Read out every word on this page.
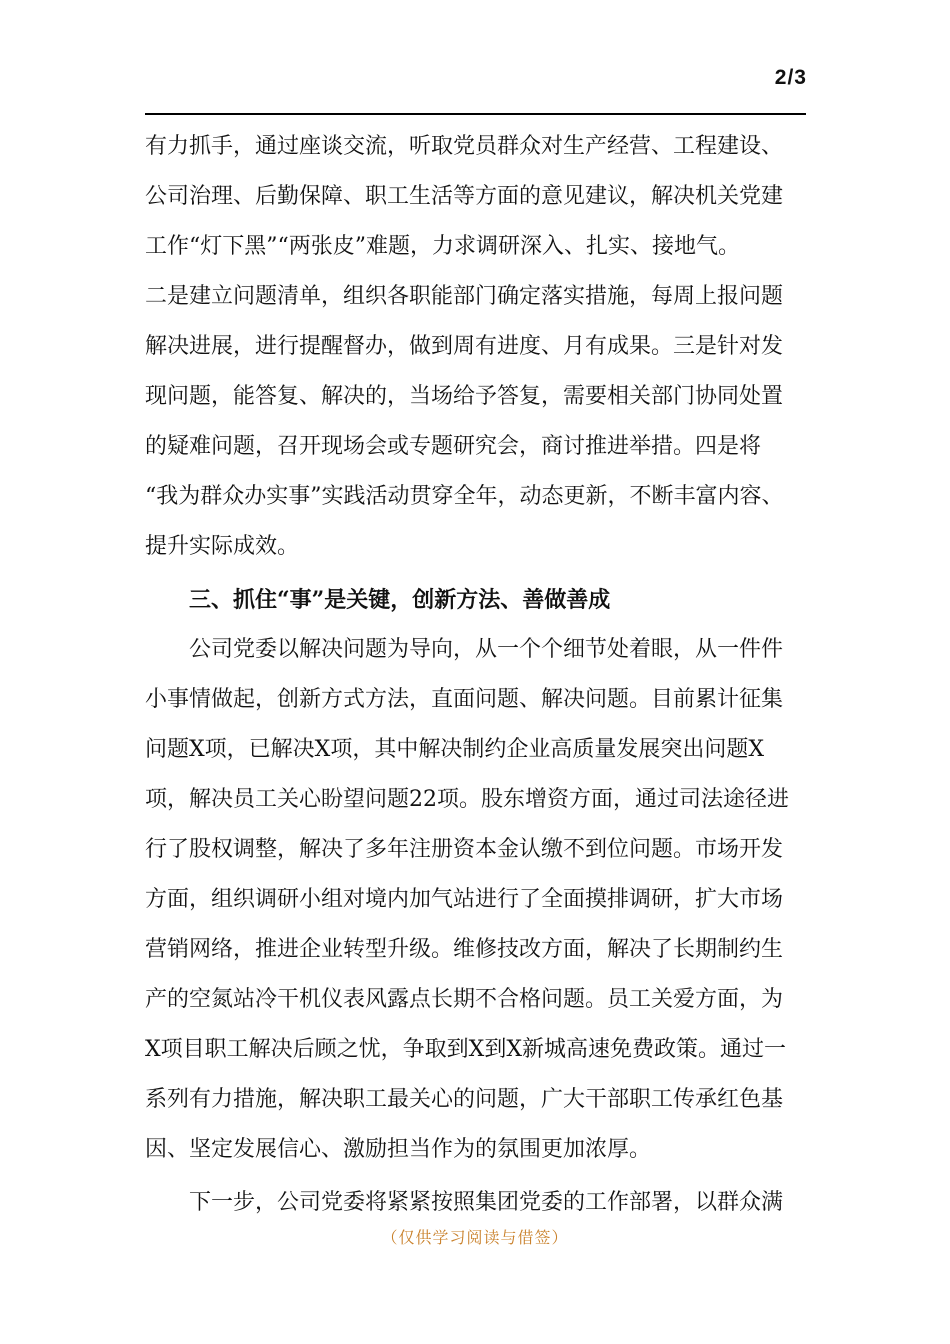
2/3
有力抓手，通过座谈交流，听取党员群众对生产经营、工程建设、
公司治理、后勤保障、职工生活等方面的意见建议，解决机关党建
工作“灯下黑”“两张皮”难题，力求调研深入、扎实、接地气。
二是建立问题清单，组织各职能部门确定落实措施，每周上报问题
解决进展，进行提醒督办，做到周有进度、月有成果。三是针对发
现问题，能答复、解决的，当场给予答复，需要相关部门协同处置
的疑难问题，召开现场会或专题研究会，商讨推进举措。四是将
“我为群众办实事”实践活动贯穿全年，动态更新，不断丰富内容、
提升实际成效。
三、抓住“事”是关键，创新方法、善做善成
公司党委以解决问题为导向，从一个个细节处着眼，从一件件
小事情做起，创新方式方法，直面问题、解决问题。目前累计征集
问题X项，已解决X项，其中解决制约企业高质量发展突出问题X
项，解决员工关心盼望问题22项。股东增资方面，通过司法途径进
行了股权调整，解决了多年注册资本金认缴不到位问题。市场开发
方面，组织调研小组对境内加气站进行了全面摸排调研，扩大市场
营销网络，推进企业转型升级。维修技改方面，解决了长期制约生
产的空氮站冷干机仪表风露点长期不合格问题。员工关爱方面，为
X项目职工解决后顾之忧，争取到X到X新城高速免费政策。通过一
系列有力措施，解决职工最关心的问题，广大干部职工传承红色基
因、坚定发展信心、激励担当作为的氛围更加浓厚。
下一步，公司党委将紧紧按照集团党委的工作部署，以群众满
（仅供学习阅读与借签）
